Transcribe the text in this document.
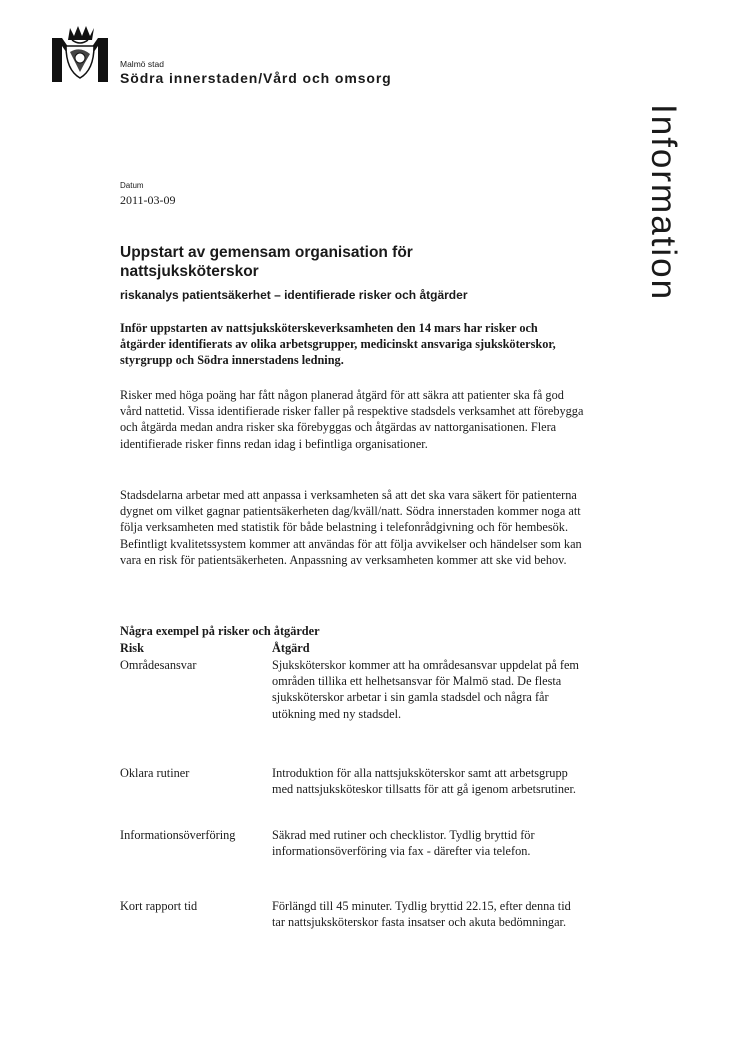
Malmö stad
Södra innerstaden/Vård och omsorg
Information
Datum
2011-03-09
Uppstart av gemensam organisation för nattsjuksköterskor
riskanalys patientsäkerhet – identifierade risker och åtgärder
Inför uppstarten av nattsjuksköterskeverksamheten den 14 mars har risker och åtgärder identifierats av olika arbetsgrupper, medicinskt ansvariga sjuksköterskor, styrgrupp och Södra innerstadens ledning.
Risker med höga poäng har fått någon planerad åtgärd för att säkra att patienter ska få god vård nattetid. Vissa identifierade risker faller på respektive stadsdels verksamhet att förebygga och åtgärda medan andra risker ska förebyggas och åtgärdas av nattorganisationen. Flera identifierade risker finns redan idag i befintliga organisationer.
Stadsdelarna arbetar med att anpassa i verksamheten så att det ska vara säkert för patienterna dygnet om vilket gagnar patientsäkerheten dag/kväll/natt. Södra innerstaden kommer noga att följa verksamheten med statistik för både belastning i telefonrådgivning och för hembesök. Befintligt kvalitetssystem kommer att användas för att följa avvikelser och händelser som kan vara en risk för patientsäkerheten. Anpassning av verksamheten kommer att ske vid behov.
Några exempel på risker och åtgärder
Risk	Åtgärd
Områdesansvar	Sjuksköterskor kommer att ha områdesansvar uppdelat på fem områden tillika ett helhetsansvar för Malmö stad. De flesta sjuksköterskor arbetar i sin gamla stadsdel och några får utökning med ny stadsdel.
Oklara rutiner	Introduktion för alla nattsjuksköterskor samt att arbetsgrupp med nattsjuksköteskor tillsatts för att gå igenom arbetsrutiner.
Informationsöverföring	Säkrad med rutiner och checklistor. Tydlig bryttid för informationsöverföring via fax - därefter via telefon.
Kort rapport tid	Förlängd till 45 minuter. Tydlig bryttid 22.15, efter denna tid tar nattsjuksköterskor fasta insatser och akuta bedömningar.
